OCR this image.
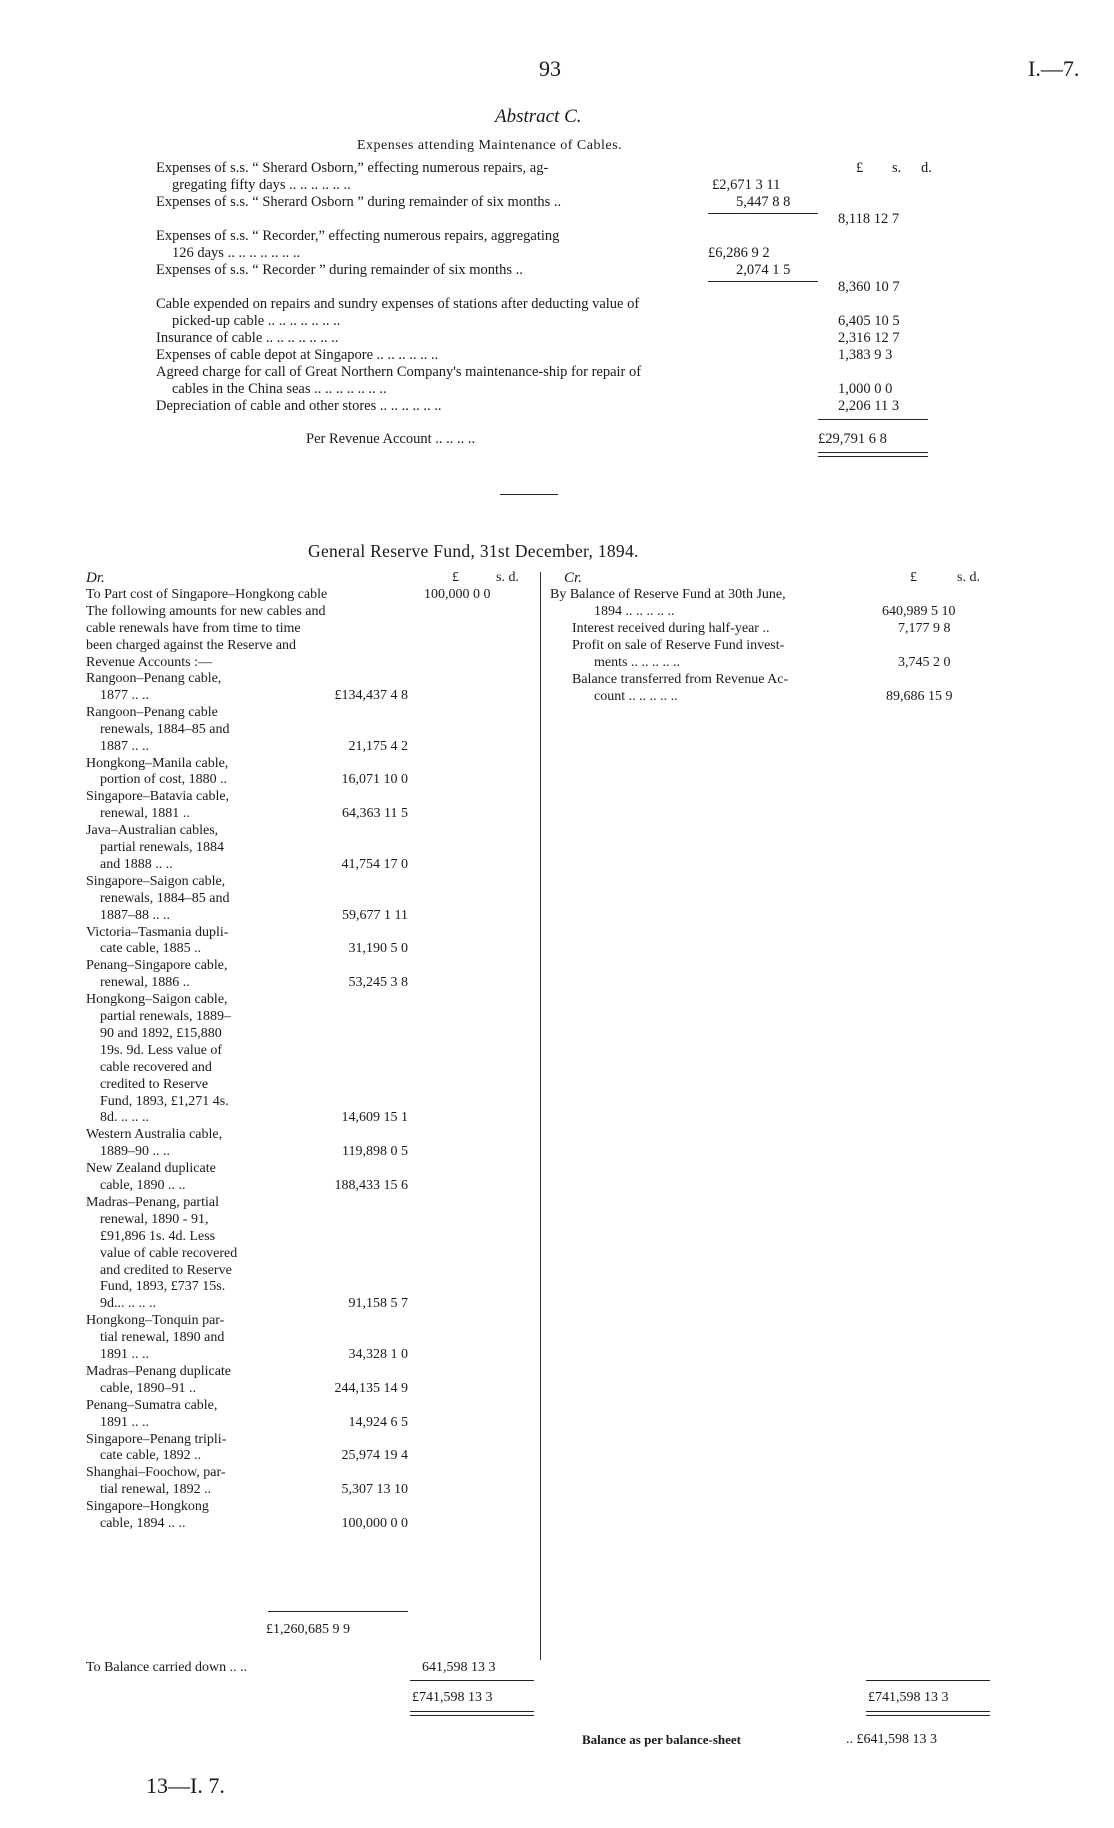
93	I.—7.
Abstract C.
Expenses attending Maintenance of Cables.
£ s. d.
Expenses of s.s. “ Sherard Osborn,” effecting numerous repairs, ag-
gregating fifty days .. .. .. .. .. ..	£2,671 3 11
Expenses of s.s. “ Sherard Osborn ” during remainder of six months ..	5,447 8 8
8,118 12 7
Expenses of s.s. “ Recorder,” effecting numerous repairs, aggregating
126 days .. .. .. .. .. .. ..	£6,286 9 2
Expenses of s.s. “ Recorder ” during remainder of six months ..	2,074 1 5
8,360 10 7
Cable expended on repairs and sundry expenses of stations after deducting value of
picked-up cable .. .. .. .. .. .. ..	6,405 10 5
Insurance of cable .. .. .. .. .. .. ..	2,316 12 7
Expenses of cable depot at Singapore .. .. .. .. .. ..	1,383 9 3
Agreed charge for call of Great Northern Company's maintenance-ship for repair of
cables in the China seas .. .. .. .. .. .. ..	1,000 0 0
Depreciation of cable and other stores .. .. .. .. .. ..	2,206 11 3
Per Revenue Account .. .. .. ..	£29,791 6 8
General Reserve Fund, 31st December, 1894.
Dr.	£	s. d.	Cr.	£	s. d.
To Part cost of Singapore–Hongkong cable	100,000 0 0
The following amounts for new cables and
cable renewals have from time to time
been charged against the Reserve and
Revenue Accounts :—
Rangoon–Penang cable,
1877 .. ..	£134,437 4 8
Rangoon–Penang cable
renewals, 1884–85 and
1887 .. ..	21,175 4 2
Hongkong–Manila cable,
portion of cost, 1880 ..	16,071 10 0
Singapore–Batavia cable,
renewal, 1881 ..	64,363 11 5
Java–Australian cables,
partial renewals, 1884
and 1888 .. ..	41,754 17 0
Singapore–Saigon cable,
renewals, 1884–85 and
1887–88 .. ..	59,677 1 11
Victoria–Tasmania dupli-
cate cable, 1885 ..	31,190 5 0
Penang–Singapore cable,
renewal, 1886 ..	53,245 3 8
Hongkong–Saigon cable,
partial renewals, 1889–
90 and 1892, £15,880
19s. 9d. Less value of
cable recovered and
credited to Reserve
Fund, 1893, £1,271 4s.
8d. .. .. ..	14,609 15 1
Western Australia cable,
1889–90 .. ..	119,898 0 5
New Zealand duplicate
cable, 1890 .. ..	188,433 15 6
Madras–Penang, partial
renewal, 1890 - 91,
£91,896 1s. 4d. Less
value of cable recovered
and credited to Reserve
Fund, 1893, £737 15s.
9d... .. .. ..	91,158 5 7
Hongkong–Tonquin par-
tial renewal, 1890 and
1891 .. ..	34,328 1 0
Madras–Penang duplicate
cable, 1890–91 ..	244,135 14 9
Penang–Sumatra cable,
1891 .. ..	14,924 6 5
Singapore–Penang tripli-
cate cable, 1892 ..	25,974 19 4
Shanghai–Foochow, par-
tial renewal, 1892 ..	5,307 13 10
Singapore–Hongkong
cable, 1894 .. ..	100,000 0 0
£1,260,685 9 9
To Balance carried down .. ..	641,598 13 3
£741,598 13 3
By Balance of Reserve Fund at 30th June,
1894 .. .. .. .. ..	640,989 5 10
Interest received during half-year ..	7,177 9 8
Profit on sale of Reserve Fund invest-
ments .. .. .. .. ..	3,745 2 0
Balance transferred from Revenue Ac-
count .. .. .. .. ..	89,686 15 9
£741,598 13 3
Balance as per balance-sheet	.. £641,598 13 3
13—I. 7.
